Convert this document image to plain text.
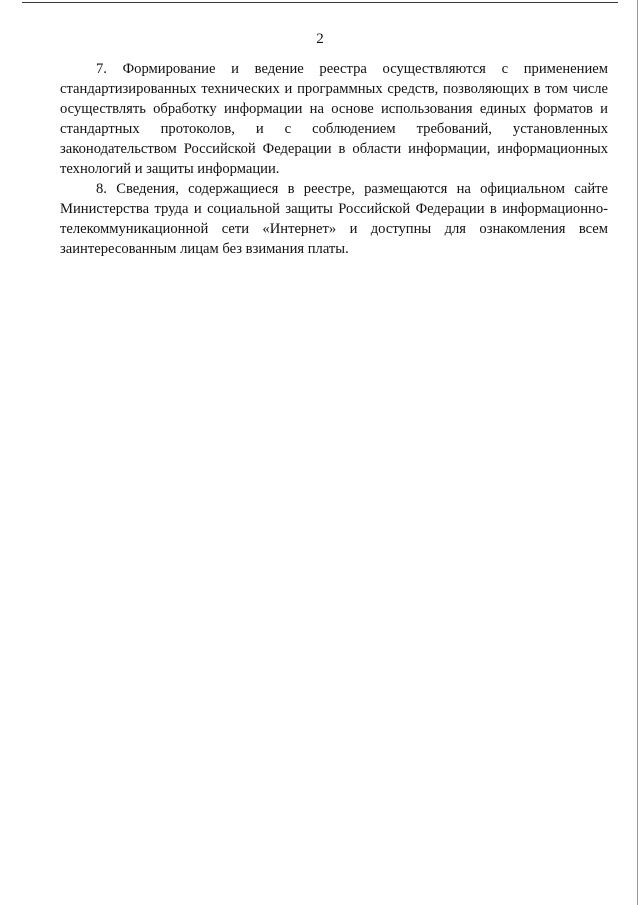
2

7. Формирование и ведение реестра осуществляются с применением стандартизированных технических и программных средств, позволяющих в том числе осуществлять обработку информации на основе использования единых форматов и стандартных протоколов, и с соблюдением требований, установленных законодательством Российской Федерации в области информации, информационных технологий и защиты информации.

8. Сведения, содержащиеся в реестре, размещаются на официальном сайте Министерства труда и социальной защиты Российской Федерации в информационно-телекоммуникационной сети «Интернет» и доступны для ознакомления всем заинтересованным лицам без взимания платы.
